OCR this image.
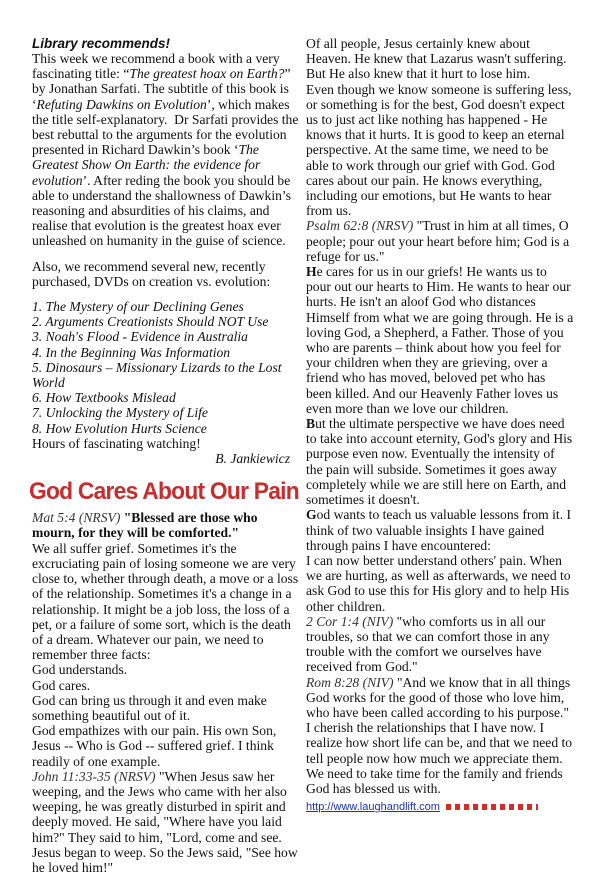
Library recommends!

This week we recommend a book with a very fascinating title: “The greatest hoax on Earth?” by Jonathan Sarfati. The subtitle of this book is ‘Refuting Dawkins on Evolution’, which makes the title self-explanatory.  Dr Sarfati provides the best rebuttal to the arguments for the evolution presented in Richard Dawkin’s book ‘The Greatest Show On Earth: the evidence for evolution’. After reding the book you should be able to understand the shallowness of Dawkin’s reasoning and absurdities of his claims, and realise that evolution is the greatest hoax ever unleashed on humanity in the guise of science.

Also, we recommend several new, recently purchased, DVDs on creation vs. evolution:

1. The Mystery of our Declining Genes

2. Arguments Creationists Should NOT Use

3. Noah's Flood - Evidence in Australia

4. In the Beginning Was Information

5. Dinosaurs – Missionary Lizards to the Lost World

6. How Textbooks Mislead

7. Unlocking the Mystery of Life

8. How Evolution Hurts Science

Hours of fascinating watching!

B. Jankiewicz

God Cares About Our Pain

Mat 5:4 (NRSV) "Blessed are those who mourn, for they will be comforted."

We all suffer grief. Sometimes it's the excruciating pain of losing someone we are very close to, whether through death, a move or a loss of the relationship. Sometimes it's a change in a relationship. It might be a job loss, the loss of a pet, or a failure of some sort, which is the death of a dream. Whatever our pain, we need to remember three facts:

God understands.

God cares.

God can bring us through it and even make something beautiful out of it.

God empathizes with our pain. His own Son, Jesus -- Who is God -- suffered grief. I think readily of one example.

John 11:33-35 (NRSV) "When Jesus saw her weeping, and the Jews who came with her also weeping, he was greatly disturbed in spirit and deeply moved. He said, "Where have you laid him?" They said to him, "Lord, come and see. Jesus began to weep. So the Jews said, "See how he loved him!"

Of all people, Jesus certainly knew about Heaven. He knew that Lazarus wasn't suffering. But He also knew that it hurt to lose him.

Even though we know someone is suffering less, or something is for the best, God doesn't expect us to just act like nothing has happened - He knows that it hurts. It is good to keep an eternal perspective. At the same time, we need to be able to work through our grief with God. God cares about our pain. He knows everything, including our emotions, but He wants to hear from us.

Psalm 62:8 (NRSV) "Trust in him at all times, O people; pour out your heart before him; God is a refuge for us."

He cares for us in our griefs! He wants us to pour out our hearts to Him. He wants to hear our hurts. He isn't an aloof God who distances Himself from what we are going through. He is a loving God, a Shepherd, a Father. Those of you who are parents – think about how you feel for your children when they are grieving, over a friend who has moved, beloved pet who has been killed. And our Heavenly Father loves us even more than we love our children.

But the ultimate perspective we have does need to take into account eternity, God's glory and His purpose even now. Eventually the intensity of the pain will subside. Sometimes it goes away completely while we are still here on Earth, and sometimes it doesn't.

God wants to teach us valuable lessons from it. I think of two valuable insights I have gained through pains I have encountered:

I can now better understand others' pain. When we are hurting, as well as afterwards, we need to ask God to use this for His glory and to help His other children.

2 Cor 1:4 (NIV) "who comforts us in all our troubles, so that we can comfort those in any trouble with the comfort we ourselves have received from God."

Rom 8:28 (NIV) "And we know that in all things God works for the good of those who love him, who have been called according to his purpose."

I cherish the relationships that I have now. I realize how short life can be, and that we need to tell people now how much we appreciate them. We need to take time for the family and friends God has blessed us with.

http://www.laughandlift.com
